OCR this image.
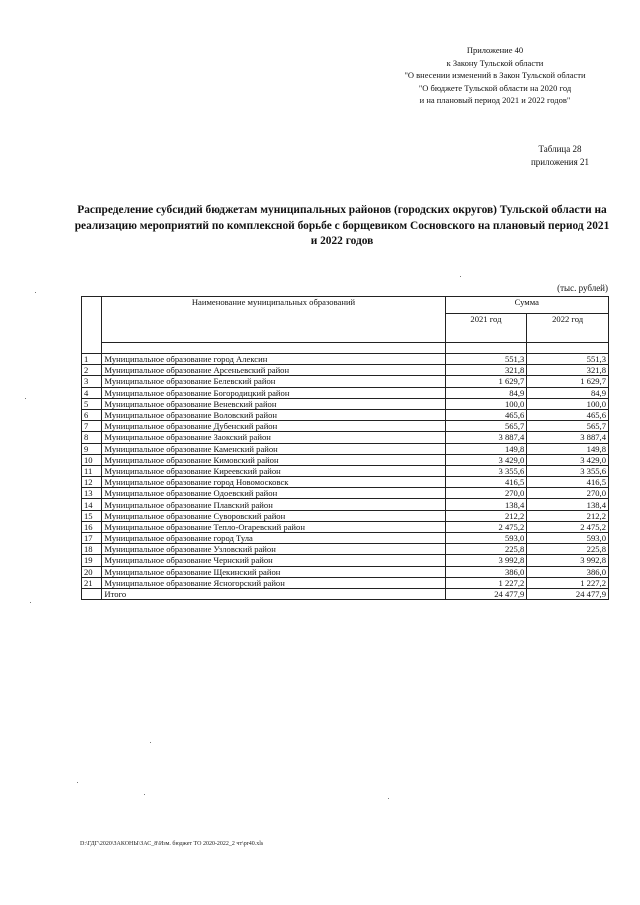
Приложение 40
к Закону Тульской области
"О внесении изменений в Закон Тульской области
"О бюджете Тульской области на 2020 год
и на плановый период 2021 и 2022 годов"
Таблица 28
приложения 21
Распределение субсидий бюджетам муниципальных районов (городских округов) Тульской области на реализацию мероприятий по комплексной борьбе с борщевиком Сосновского на плановый период 2021 и 2022 годов
(тыс. рублей)
	Наименование муниципальных образований	Сумма	
		2021 год	2022 год

1	Муниципальное образование город Алексин	551,3	551,3
2	Муниципальное образование Арсеньевский район	321,8	321,8
3	Муниципальное образование Белевский район	1 629,7	1 629,7
4	Муниципальное образование Богородицкий район	84,9	84,9
5	Муниципальное образование Веневский район	100,0	100,0
6	Муниципальное образование Воловский район	465,6	465,6
7	Муниципальное образование Дубенский район	565,7	565,7
8	Муниципальное образование Заокский район	3 887,4	3 887,4
9	Муниципальное образование Каменский район	149,8	149,8
10	Муниципальное образование Кимовский район	3 429,0	3 429,0
11	Муниципальное образование Киреевский район	3 355,6	3 355,6
12	Муниципальное образование город Новомосковск	416,5	416,5
13	Муниципальное образование Одоевский район	270,0	270,0
14	Муниципальное образование Плавский район	138,4	138,4
15	Муниципальное образование Суворовский район	212,2	212,2
16	Муниципальное образование Тепло-Огаревский район	2 475,2	2 475,2
17	Муниципальное образование город Тула	593,0	593,0
18	Муниципальное образование Узловский район	225,8	225,8
19	Муниципальное образование Чернский район	3 992,8	3 992,8
20	Муниципальное образование Щекинский район	386,0	386,0
21	Муниципальное образование Ясногорский район	1 227,2	1 227,2
	Итого	24 477,9	24 477,9
D:\ГДГ\2020\ЗАКОНЫ\ЗАС_8\Изм. бюджет ТО 2020-2022_2 чт\pr40.xls
